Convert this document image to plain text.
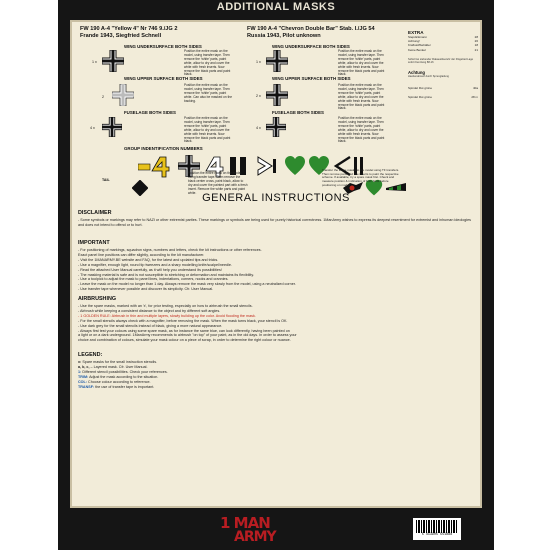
ADDITIONAL MASKS
FW 190 A-4 "Yellow 4" Nr 746 9./JG 2
Frande 1943, Siegfried Schnell
FW 190 A-4 "Chevron Double Bar" Stab. I./JG 54
Russia 1943, Pilot unknown
WING UNDERSURFACE BOTH SIDES
1 x
Position the entire mask on the model, using transfer tape. Then remove the 'white' parts, paint white, allow to dry and cover the white with fresh inserts. Now remove the black parts and paint black.
WING UPPER SURFACE BOTH SIDES
2
Position the entire mask on the model, using transfer tape. Then remove the 'white' parts, paint white. Can also be masked on the backing.
FUSELAGE BOTH SIDES
4 x
Position the entire mask on the model, using transfer tape. Then remove the 'white' parts, paint white, allow to dry and cover the white with fresh inserts. Now remove the black parts and paint black.
WING UNDERSURFACE BOTH SIDES
1 x
Position the entire mask on the model, using transfer tape. Then remove the 'white' parts, paint white, allow to dry and cover the white with fresh inserts. Now remove the black parts and paint black.
WING UPPER SURFACE BOTH SIDES
2 x
Position the entire mask on the model, using transfer tape. Then remove the 'white' parts, paint white, allow to dry and cover the white with fresh inserts. Now remove the black parts and paint black.
FUSELAGE BOTH SIDES
4 x
Position the entire mask on the model, using transfer tape. Then remove the 'white' parts, paint white, allow to dry and cover the white with fresh inserts. Now remove the black parts and paint black.
EXTRA
Stepdickmann	28
Achtung!	26
Kraftstoffbehälter	18
Keine Benkel	21
Sofort bei stehender Flakauslöseruhr der Flügelrad Lage sofort Kennlung 88-16
Achtung
Haubenabwurf durch Sprengladung
Spindel Rot grüne	40a
Spindel Rot grüne	28 m
GROUP INDENTIFICATION NUMBERS
TAIL
Position the entire mask on the model, using transfer tape. Then remove the black center cross, paint black, allow to dry and cover the painted part with a fresh insert. Remove the white parts and paint white.
Transfer the entire masks to the model using TF transfers. Then remove parts and use inserts to paint the respective scheme. If available, try a spare mask first. Check and measure position & inclination of both birds before positioning on model.
GENERAL INSTRUCTIONS
DISCLAIMER

- Some symbols or markings may refer to NAZI or other extremist parties. These markings or symbols are being used for purely historical correctness. 1ManArmy wishes to express its deepest resentment for extremist and inhuman ideologies and does not intend to offend or to hurt.

IMPORTANT
- For positioning of markings, squadron signs, numbers and letters, check the kit instructions or other references.
Exact panel line positions can differ slightly, according to the kit manufacturer.
- Visit the 1MANARMY.BE website and FAQ, for the latest and updated tips and tricks.
- Use a magnifier, enough light, round tip tweezers and a sharp modelling knife/scalpel/needle.
- Read the attached User Manual carefully, as it will help you understand its possibilities!
- The masking material is safe and is not susceptible to stretching or deformation and maintains its flexibility.
- Use a toolpick to adjust the mask to panel lines, indentations, corners, nooks and crannies.
- Leave the mask on the model no longer than 1 day. Always remove the mask very slowly from the model, using a neutralized corner.
- Use transfer tape whenever possible and discover its simplicity. Cfr. User Manual.
AIRBRUSHING
- Use the spare masks, marked with an 'x', for prior testing, especially on how to airbrush the small stencils.
- Airbrush while keeping a consistent distance to the object and try different soft angles.
- 1 GOLDEN RULE: Airbrush in thin and multiple layers, slowly building up the color. Avoid flooding the mask.
- For the small stencils always check with a magnifier, before removing the mask. When the mask turns black, your stencil is OK.
- Use dark grey for the small stencils instead of black, giving a more natural appearance.
- Always first test your colours using some spare mask, as for instance the same blue, can look differently, having been painted on
a light or on a dark underground. 1ManArmy recommends to airbrush "on top" of your paint, as in the old days. In order to assess your
choice and combination of colours, simulate your mask colour on a piece of scrap, in order to determine the right colour or nuance.
LEGEND:
x: Spare masks for the small instruction stencils.
a, b, c, .. Layered mask. Cfr. User Manual.
1: Different stencil possibilities. Check your references.
TRIM: Adjust the mask according to the situation.
COL: Choose colour according to reference.
TRANSF: the use of transfer tape is important.
1 MAN
ARMY	5 413905 551888
